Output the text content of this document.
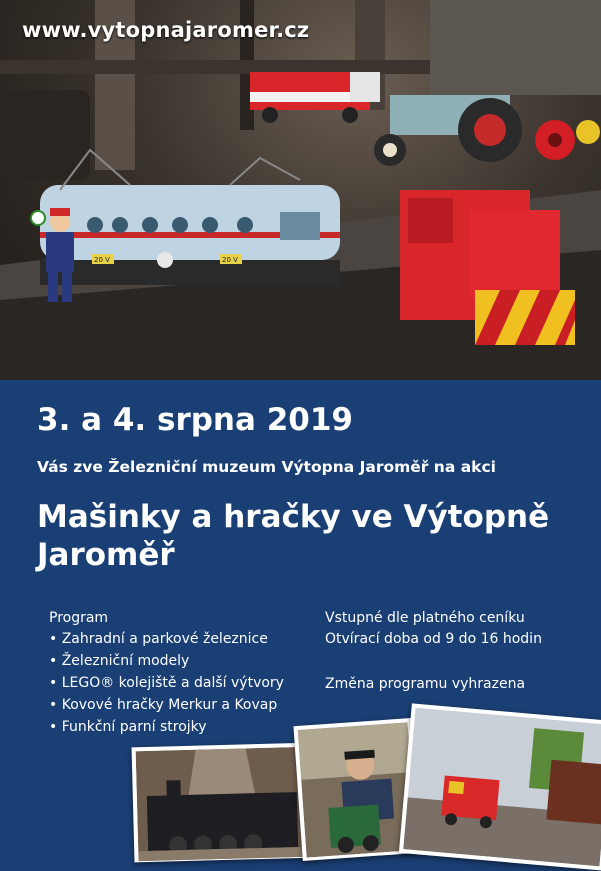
20 V	20 V
www.vytopnajaromer.cz
3. a 4. srpna 2019
Vás zve Železniční muzeum Výtopna Jaroměř na akci
Mašinky a hračky ve Výtopně Jaroměř
Program
• Zahradní a parkové železnice
• Železniční modely
• LEGO® kolejiště a další výtvory
• Kovové hračky Merkur a Kovap
• Funkční parní strojky
Vstupné dle platného ceníku
Otvírací doba od 9 do 16 hodin
Změna programu vyhrazena
